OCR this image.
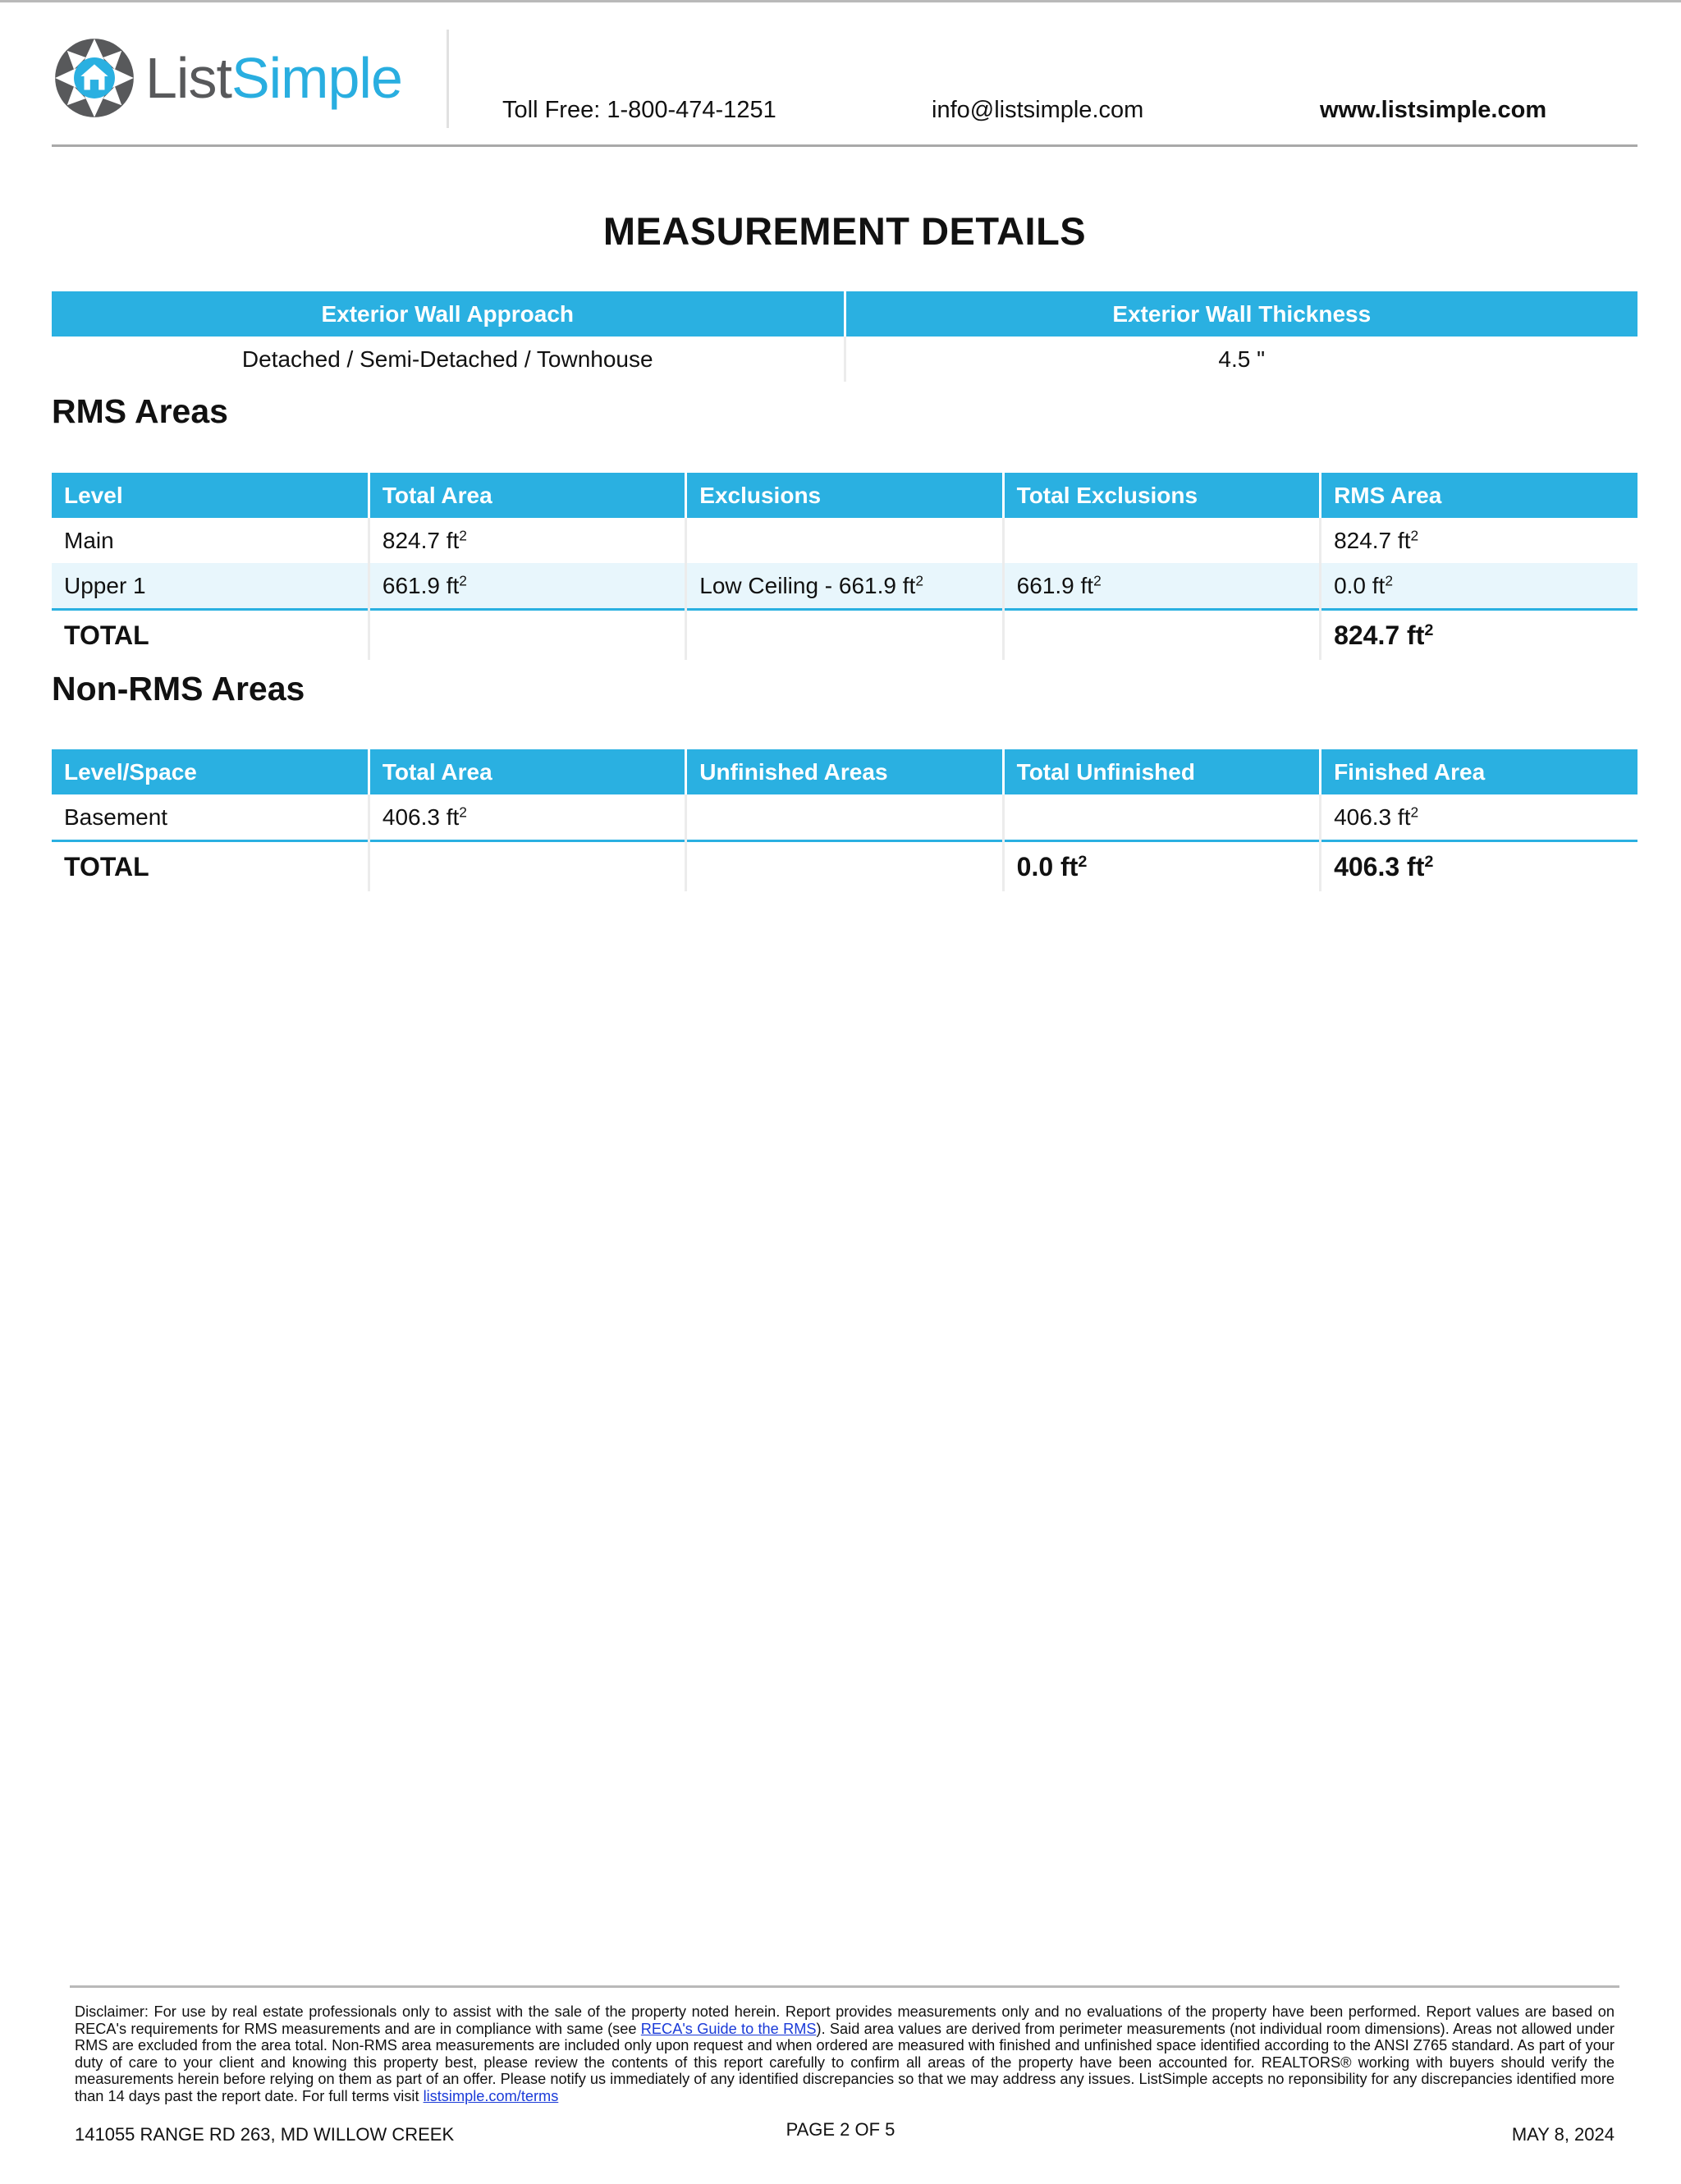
ListSimple	Toll Free: 1-800-474-1251	info@listsimple.com	www.listsimple.com
MEASUREMENT DETAILS
Exterior Wall Approach	Exterior Wall Thickness
Detached / Semi-Detached / Townhouse	4.5 "
RMS Areas
Level	Total Area	Exclusions	Total Exclusions	RMS Area
Main	824.7 $ft^2$			824.7 $ft^2$
Upper 1	661.9 $ft^2$	Low Ceiling - 661.9 $ft^2$	661.9 $ft^2$	0.0 $ft^2$
TOTAL				824.7 $ft^2$
Non-RMS Areas
Level/Space	Total Area	Unfinished Areas	Total Unfinished	Finished Area
Basement	406.3 $ft^2$			406.3 $ft^2$
TOTAL			0.0 $ft^2$	406.3 $ft^2$
Disclaimer: For use by real estate professionals only to assist with the sale of the property noted herein. Report provides measurements only and no evaluations of the property have been performed. Report values are based on RECA's requirements for RMS measurements and are in compliance with same (see RECA's Guide to the RMS). Said area values are derived from perimeter measurements (not individual room dimensions). Areas not allowed under RMS are excluded from the area total. Non-RMS area measurements are included only upon request and when ordered are measured with finished and unfinished space identified according to the ANSI Z765 standard. As part of your duty of care to your client and knowing this property best, please review the contents of this report carefully to confirm all areas of the property have been accounted for. REALTORS® working with buyers should verify the measurements herein before relying on them as part of an offer. Please notify us immediately of any identified discrepancies so that we may address any issues. ListSimple accepts no reponsibility for any discrepancies identified more than 14 days past the report date. For full terms visit listsimple.com/terms
141055 RANGE RD 263, MD WILLOW CREEK	PAGE 2 OF 5	MAY 8, 2024
